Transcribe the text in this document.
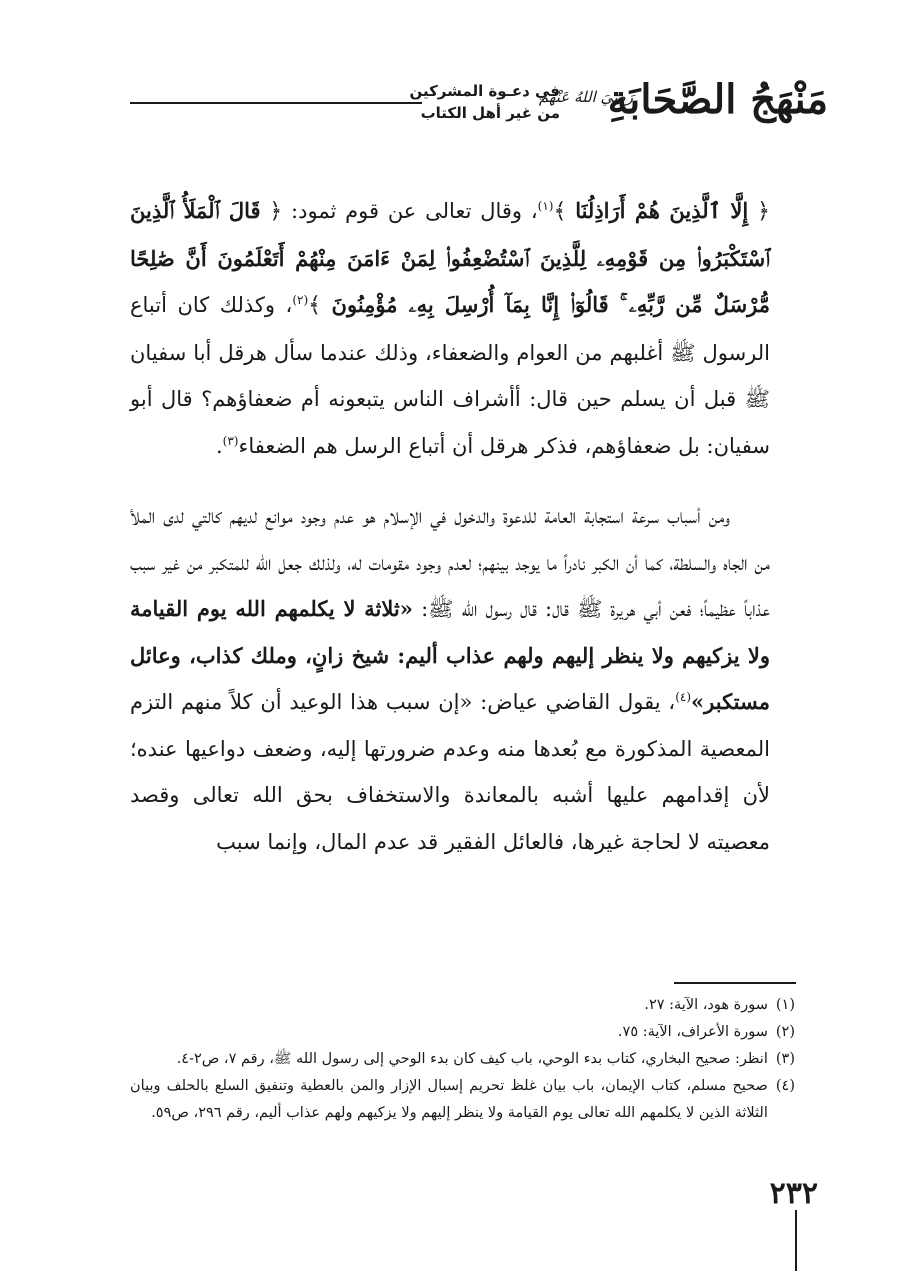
مَنْهَجُ الصَّحَابَةِ
رَضِيَ اللهُ عَنْهُمْ
في دعـوة المشركين
من غير أهل الكتاب

﴿ إِلَّا ٱلَّذِينَ هُمْ أَرَاذِلُنَا ﴾$^{(١)}$، وقال تعالى عن قوم ثمود: ﴿ قَالَ ٱلْمَلَأُ ٱلَّذِينَ ٱسْتَكْبَرُوا۟ مِن قَوْمِهِۦ لِلَّذِينَ ٱسْتُضْعِفُوا۟ لِمَنْ ءَامَنَ مِنْهُمْ أَتَعْلَمُونَ أَنَّ صَٰلِحًا مُّرْسَلٌ مِّن رَّبِّهِۦ ۚ قَالُوٓا۟ إِنَّا بِمَآ أُرْسِلَ بِهِۦ مُؤْمِنُونَ ﴾$^{(٢)}$، وكذلك كان أتباع الرسول ﷺ أغلبهم من العوام والضعفاء، وذلك عندما سأل هرقل أبا سفيان ﷺ قبل أن يسلم حين قال: أأشراف الناس يتبعونه أم ضعفاؤهم؟ قال أبو سفيان: بل ضعفاؤهم، فذكر هرقل أن أتباع الرسل هم الضعفاء$^{(٣)}$.

ومن أسباب سرعة استجابة العامة للدعوة والدخول في الإسلام هو عدم وجود موانع لديهم كالتي لدى الملأ من الجاه والسلطة، كما أن الكبر نادراً ما يوجد بينهم؛ لعدم وجود مقومات له، ولذلك جعل الله للمتكبر من غير سبب عذاباً عظيماً؛ فعن أبي هريرة ﷺ قال: قال رسول الله ﷺ: «ثلاثة لا يكلمهم الله يوم القيامة ولا يزكيهم ولا ينظر إليهم ولهم عذاب أليم: شيخ زانٍ، وملك كذاب، وعائل مستكبر»$^{(٤)}$، يقول القاضي عياض: «إن سبب هذا الوعيد أن كلاً منهم التزم المعصية المذكورة مع بُعدها منه وعدم ضرورتها إليه، وضعف دواعيها عنده؛ لأن إقدامهم عليها أشبه بالمعاندة والاستخفاف بحق الله تعالى وقصد معصيته لا لحاجة غيرها، فالعائل الفقير قد عدم المال، وإنما سبب

(١)
سورة هود، الآية: ٢٧.
(٢)
سورة الأعراف، الآية: ٧٥.
(٣)
انظر: صحيح البخاري، كتاب بدء الوحي، باب كيف كان بدء الوحي إلى رسول الله ﷺ، رقم ٧، ص٢-٤.
(٤)
صحيح مسلم، كتاب الإيمان، باب بيان غلظ تحريم إسبال الإزار والمن بالعطية وتنفيق السلع بالحلف وبيان الثلاثة الذين لا يكلمهم الله تعالى يوم القيامة ولا ينظر إليهم ولا يزكيهم ولهم عذاب أليم، رقم ٢٩٦، ص٥٩.
٢٣٢
